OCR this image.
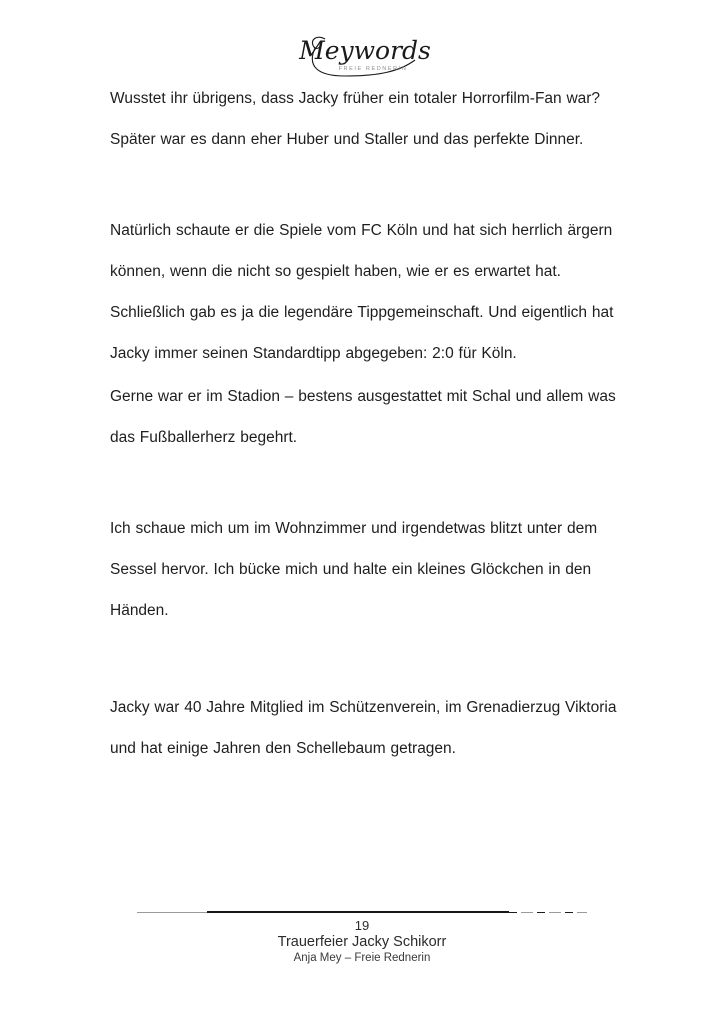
Meywords
FREIE REDNERIN

Wusstet ihr übrigens, dass Jacky früher ein totaler Horrorfilm-Fan war? Später war es dann eher Huber und Staller und das perfekte Dinner.

Natürlich schaute er die Spiele vom FC Köln und hat sich herrlich ärgern können, wenn die nicht so gespielt haben, wie er es erwartet hat. Schließlich gab es ja die legendäre Tippgemeinschaft. Und eigentlich hat Jacky immer seinen Standardtipp abgegeben: 2:0 für Köln.

Gerne war er im Stadion – bestens ausgestattet mit Schal und allem was das Fußballerherz begehrt.

Ich schaue mich um im Wohnzimmer und irgendetwas blitzt unter dem Sessel hervor. Ich bücke mich und halte ein kleines Glöckchen in den Händen.

Jacky war 40 Jahre Mitglied im Schützenverein, im Grenadierzug Viktoria und hat einige Jahren den Schellebaum getragen.

19
Trauerfeier Jacky Schikorr
Anja Mey – Freie Rednerin
